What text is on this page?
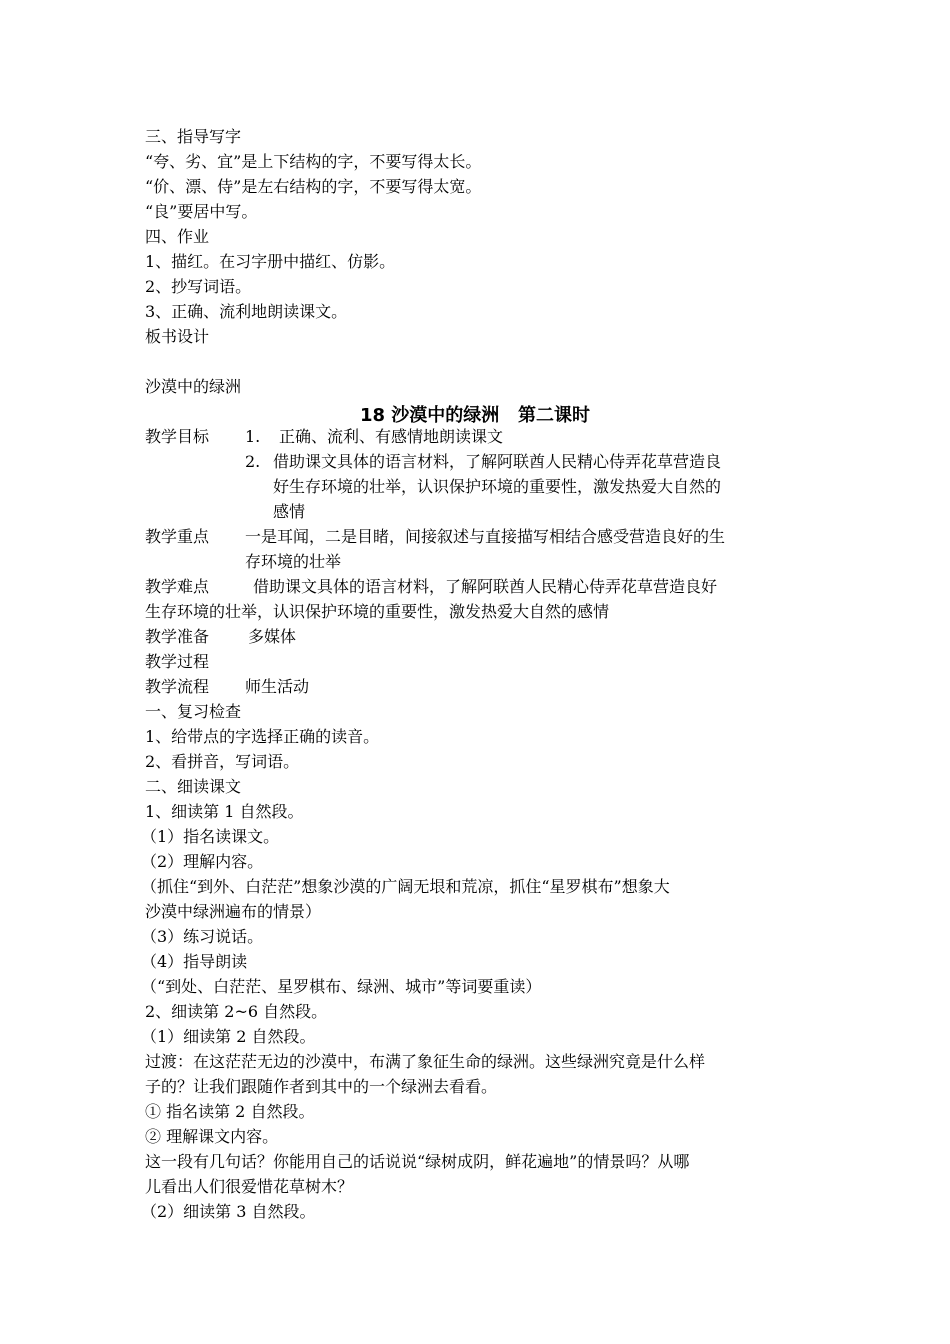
三、指导写字
“夸、劣、宜”是上下结构的字，不要写得太长。
“价、漂、侍”是左右结构的字，不要写得太宽。
“良”要居中写。
四、作业
1、描红。在习字册中描红、仿影。
2、抄写词语。
3、正确、流利地朗读课文。
板书设计
沙漠中的绿洲
18 沙漠中的绿洲   第二课时
教学目标 1. 正确、流利、有感情地朗读课文
2. 借助课文具体的语言材料，了解阿联酋人民精心侍弄花草营造良
好生存环境的壮举，认识保护环境的重要性，激发热爱大自然的
感情
教学重点 一是耳闻，二是目睹，间接叙述与直接描写相结合感受营造良好的生
存环境的壮举
教学难点	借助课文具体的语言材料，了解阿联酋人民精心侍弄花草营造良好
生存环境的壮举，认识保护环境的重要性，激发热爱大自然的感情
教学准备 多媒体
教学过程
教学流程 师生活动
一、复习检查
1、给带点的字选择正确的读音。
2、看拼音，写词语。
二、细读课文
1、细读第 1 自然段。
（1）指名读课文。
（2）理解内容。
（抓住“到外、白茫茫”想象沙漠的广阔无垠和荒凉，抓住“星罗棋布”想象大
沙漠中绿洲遍布的情景）
（3）练习说话。
（4）指导朗读
（“到处、白茫茫、星罗棋布、绿洲、城市”等词要重读）
2、细读第 2~6 自然段。
（1）细读第 2 自然段。
过渡：在这茫茫无边的沙漠中，布满了象征生命的绿洲。这些绿洲究竟是什么样
子的？让我们跟随作者到其中的一个绿洲去看看。
① 指名读第 2 自然段。
② 理解课文内容。
这一段有几句话？你能用自己的话说说“绿树成阴，鲜花遍地”的情景吗？从哪
儿看出人们很爱惜花草树木？
（2）细读第 3 自然段。
